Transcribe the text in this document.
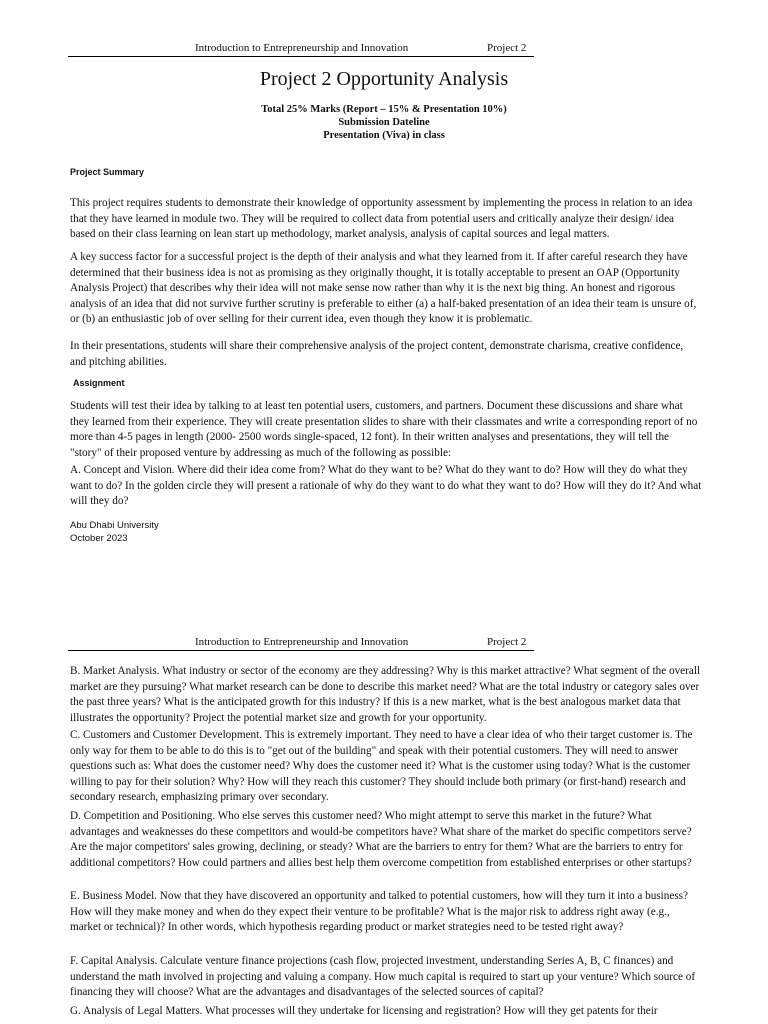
Introduction to Entrepreneurship and Innovation	Project 2
Project 2 Opportunity Analysis
Total 25% Marks (Report – 15% & Presentation 10%)
Submission Dateline
Presentation (Viva) in class
Project Summary
This project requires students to demonstrate their knowledge of opportunity assessment by implementing the process in relation to an idea that they have learned in module two. They will be required to collect data from potential users and critically analyze their design/ idea based on their class learning on lean start up methodology, market analysis, analysis of capital sources and legal matters.
A key success factor for a successful project is the depth of their analysis and what they learned from it. If after careful research they have determined that their business idea is not as promising as they originally thought, it is totally acceptable to present an OAP (Opportunity Analysis Project) that describes why their idea will not make sense now rather than why it is the next big thing. An honest and rigorous analysis of an idea that did not survive further scrutiny is preferable to either (a) a half-baked presentation of an idea their team is unsure of, or (b) an enthusiastic job of over selling for their current idea, even though they know it is problematic.
In their presentations, students will share their comprehensive analysis of the project content, demonstrate charisma, creative confidence, and pitching abilities.
Assignment
Students will test their idea by talking to at least ten potential users, customers, and partners. Document these discussions and share what they learned from their experience. They will create presentation slides to share with their classmates and write a corresponding report of no more than 4-5 pages in length (2000- 2500 words single-spaced, 12 font). In their written analyses and presentations, they will tell the "story" of their proposed venture by addressing as much of the following as possible:
A. Concept and Vision. Where did their idea come from? What do they want to be? What do they want to do? How will they do what they want to do? In the golden circle they will present a rationale of why do they want to do what they want to do? How will they do it? And what will they do?
Abu Dhabi University
October 2023
Introduction to Entrepreneurship and Innovation	Project 2
B. Market Analysis. What industry or sector of the economy are they addressing? Why is this market attractive? What segment of the overall market are they pursuing? What market research can be done to describe this market need? What are the total industry or category sales over the past three years? What is the anticipated growth for this industry? If this is a new market, what is the best analogous market data that illustrates the opportunity? Project the potential market size and growth for your opportunity.
C. Customers and Customer Development. This is extremely important. They need to have a clear idea of who their target customer is. The only way for them to be able to do this is to "get out of the building" and speak with their potential customers. They will need to answer questions such as: What does the customer need? Why does the customer need it? What is the customer using today? What is the customer willing to pay for their solution? Why? How will they reach this customer? They should include both primary (or first-hand) research and secondary research, emphasizing primary over secondary.
D. Competition and Positioning. Who else serves this customer need? Who might attempt to serve this market in the future? What advantages and weaknesses do these competitors and would-be competitors have? What share of the market do specific competitors serve? Are the major competitors' sales growing, declining, or steady? What are the barriers to entry for them? What are the barriers to entry for additional competitors? How could partners and allies best help them overcome competition from established enterprises or other startups?
E. Business Model. Now that they have discovered an opportunity and talked to potential customers, how will they turn it into a business? How will they make money and when do they expect their venture to be profitable? What is the major risk to address right away (e.g., market or technical)? In other words, which hypothesis regarding product or market strategies need to be tested right away?
F. Capital Analysis. Calculate venture finance projections (cash flow, projected investment, understanding Series A, B, C finances) and understand the math involved in projecting and valuing a company. How much capital is required to start up your venture? Which source of financing they will choose? What are the advantages and disadvantages of the selected sources of capital?
G. Analysis of Legal Matters. What processes will they undertake for licensing and registration? How will they get patents for their
